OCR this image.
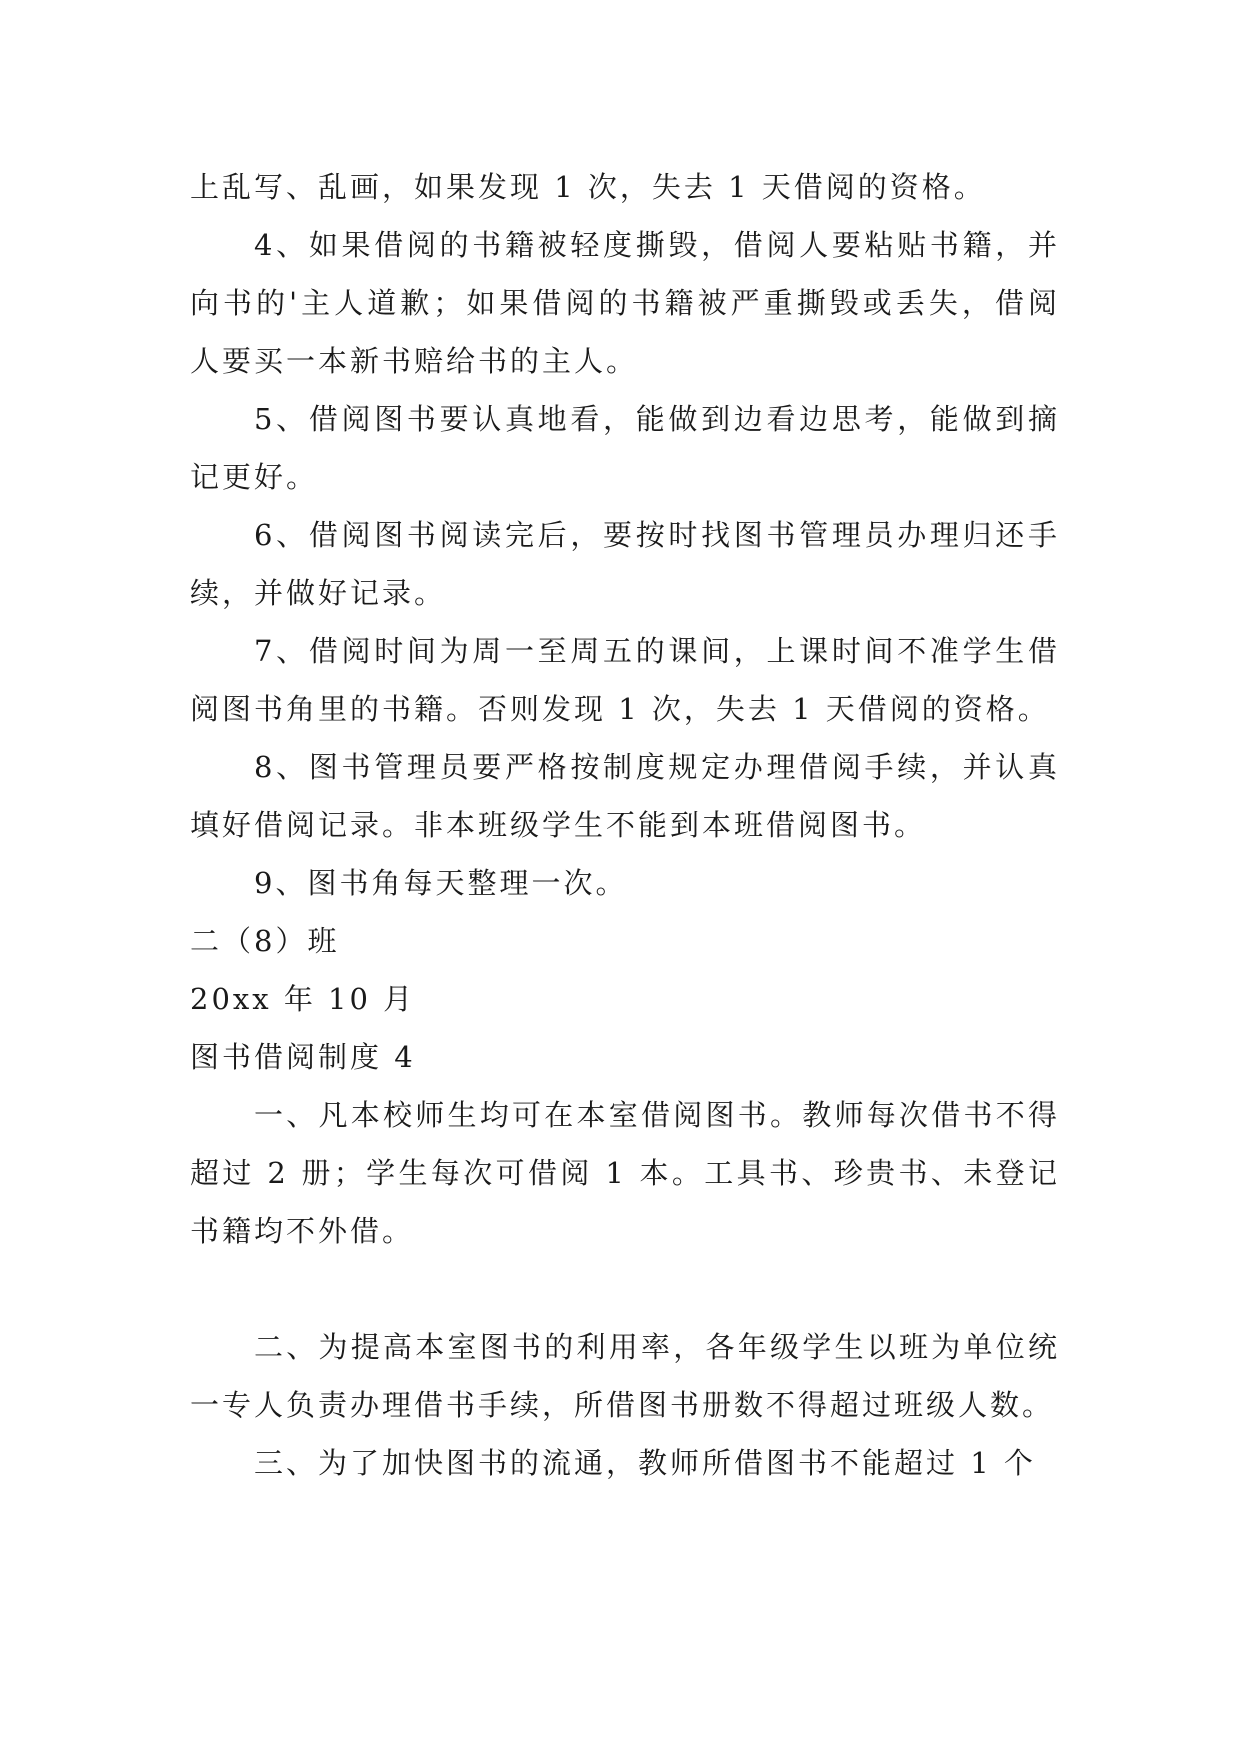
上乱写、乱画，如果发现 1 次，失去 1 天借阅的资格。

4、如果借阅的书籍被轻度撕毁，借阅人要粘贴书籍，并向书的'主人道歉；如果借阅的书籍被严重撕毁或丢失，借阅人要买一本新书赔给书的主人。

5、借阅图书要认真地看，能做到边看边思考，能做到摘记更好。

6、借阅图书阅读完后，要按时找图书管理员办理归还手续，并做好记录。

7、借阅时间为周一至周五的课间，上课时间不准学生借阅图书角里的书籍。否则发现 1 次，失去 1 天借阅的资格。

8、图书管理员要严格按制度规定办理借阅手续，并认真填好借阅记录。非本班级学生不能到本班借阅图书。

9、图书角每天整理一次。

二（8）班

20xx 年 10 月

图书借阅制度 4

一、凡本校师生均可在本室借阅图书。教师每次借书不得超过 2 册；学生每次可借阅 1 本。工具书、珍贵书、未登记书籍均不外借。

二、为提高本室图书的利用率，各年级学生以班为单位统一专人负责办理借书手续，所借图书册数不得超过班级人数。

三、为了加快图书的流通，教师所借图书不能超过 1 个
